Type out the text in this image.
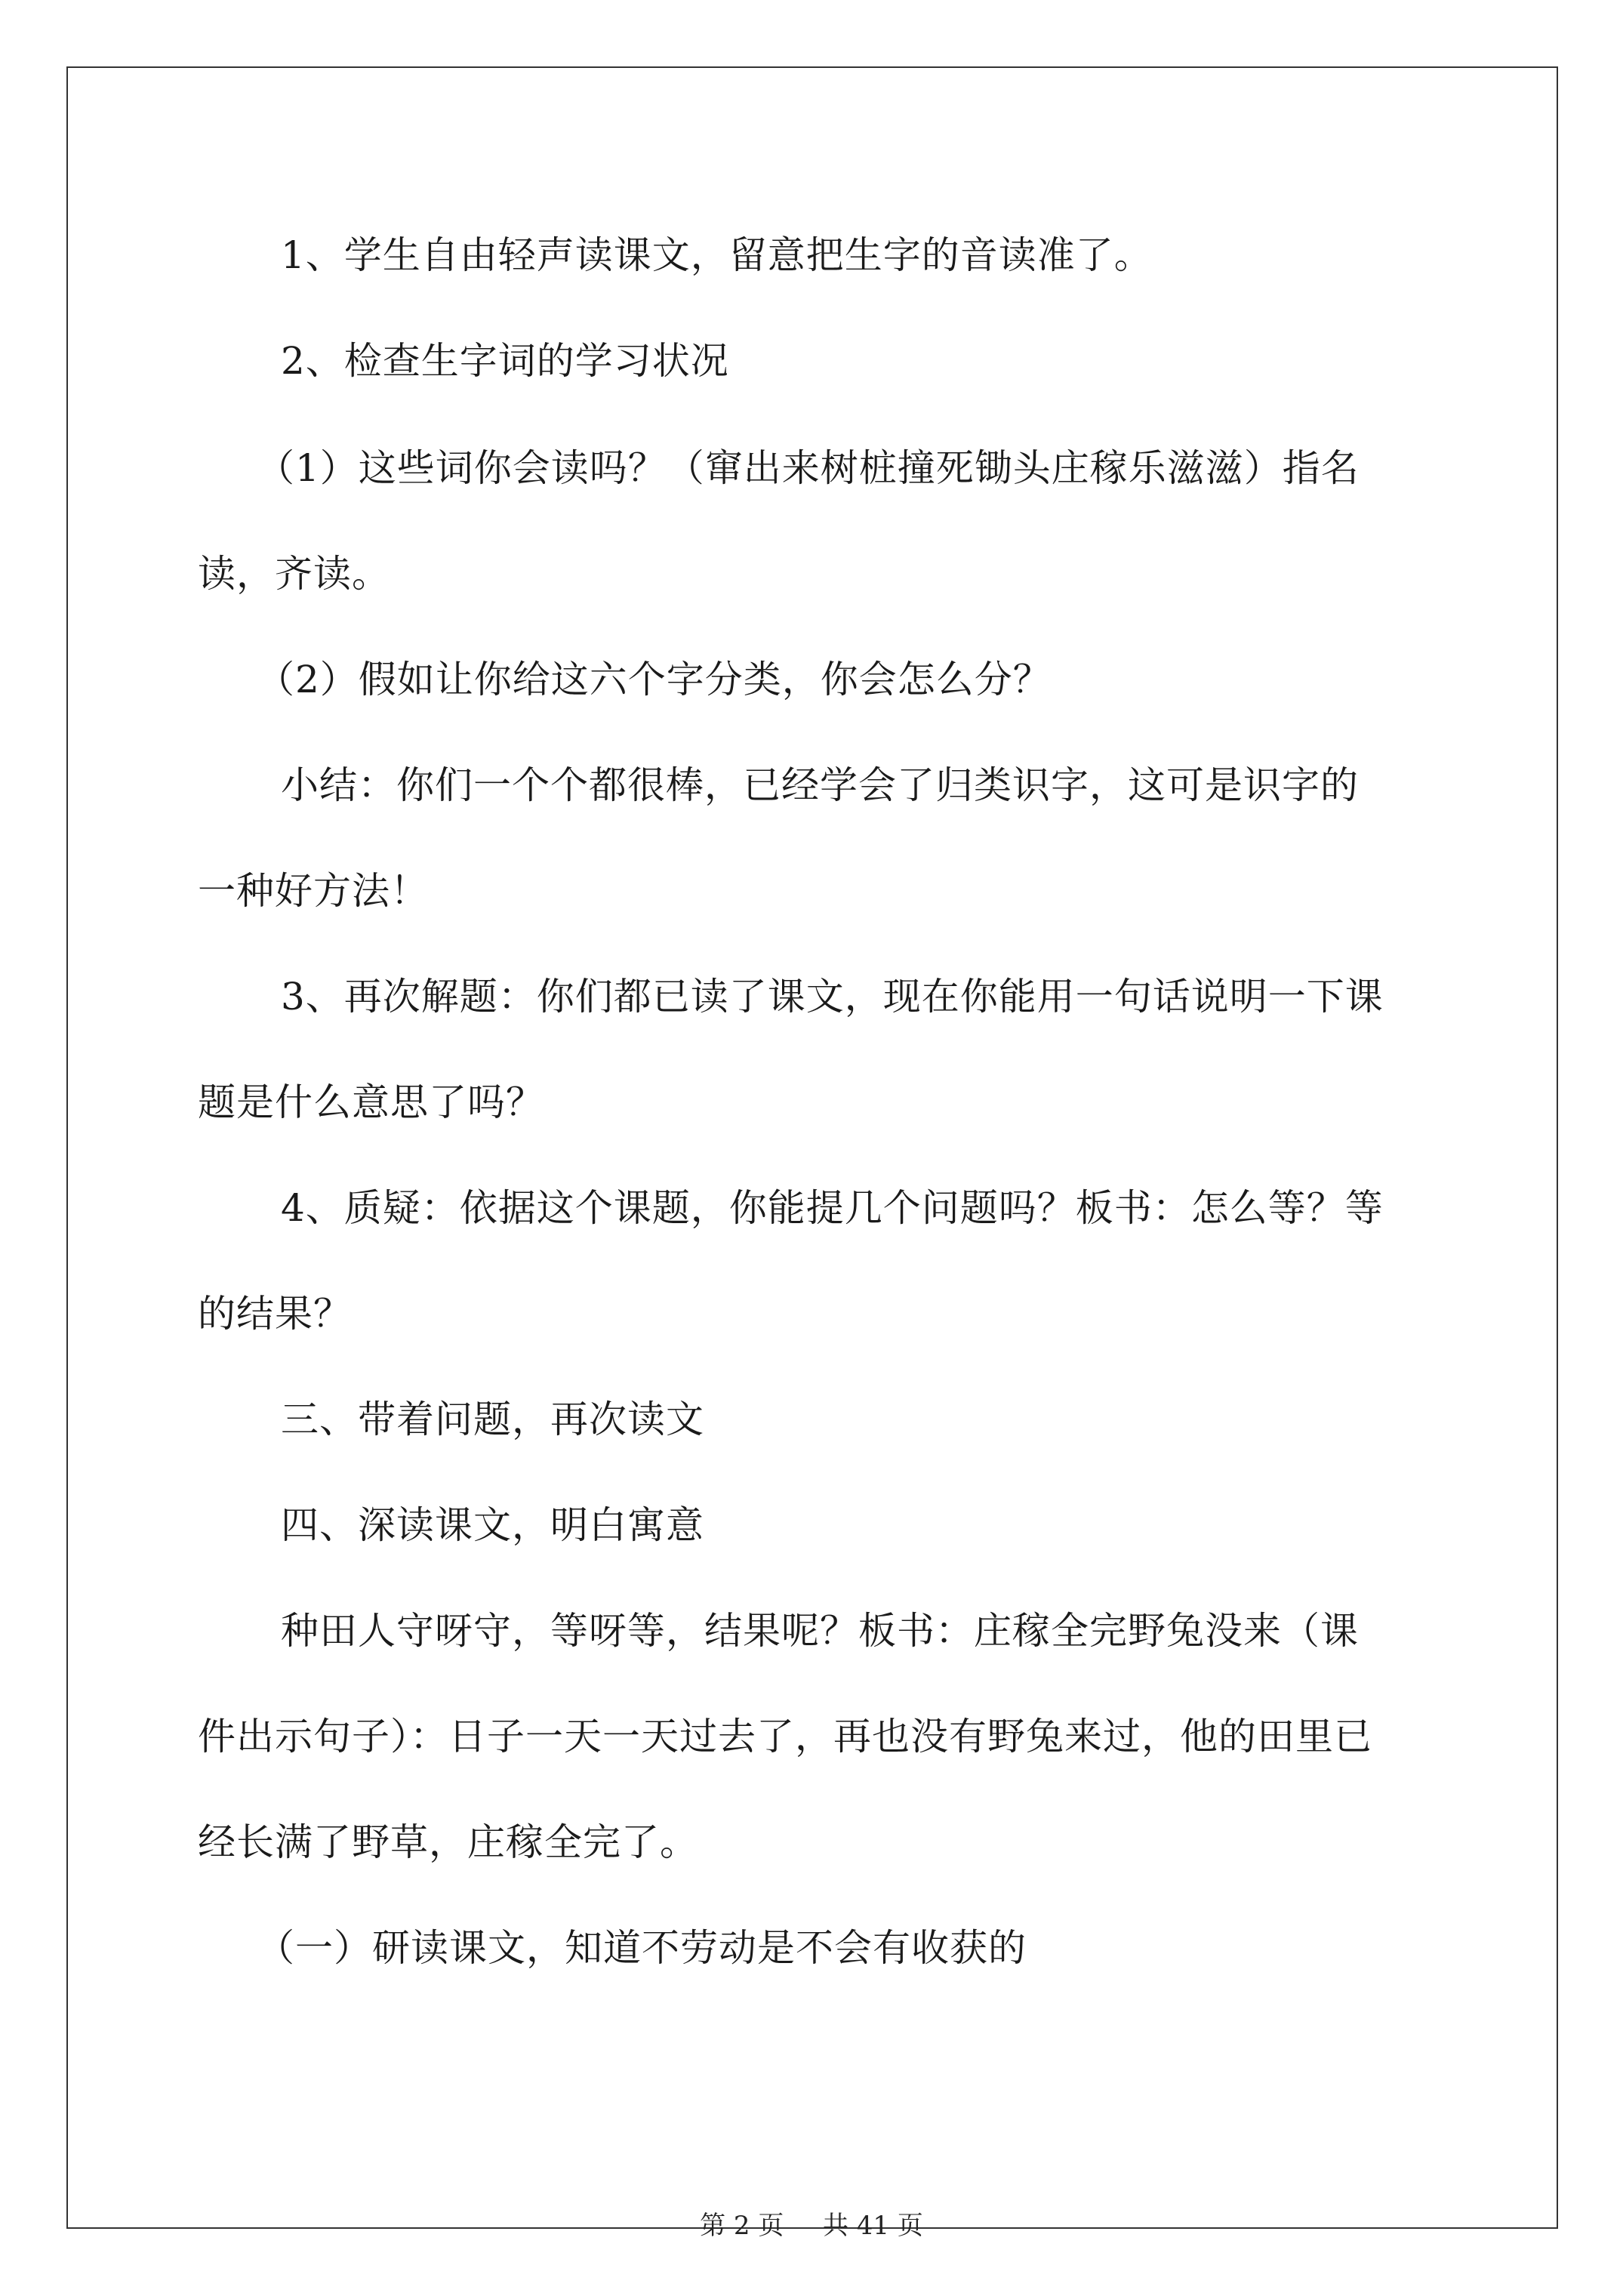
1、学生自由轻声读课文，留意把生字的音读准了。
2、检查生字词的学习状况
（1）这些词你会读吗？（窜出来树桩撞死锄头庄稼乐滋滋）指名
读，齐读。
（2）假如让你给这六个字分类，你会怎么分？
小结：你们一个个都很棒，已经学会了归类识字，这可是识字的
一种好方法！
3、再次解题：你们都已读了课文，现在你能用一句话说明一下课
题是什么意思了吗？
4、质疑：依据这个课题，你能提几个问题吗？板书：怎么等？等
的结果？
三、带着问题，再次读文
四、深读课文，明白寓意
种田人守呀守，等呀等，结果呢？板书：庄稼全完野兔没来（课
件出示句子）：日子一天一天过去了，再也没有野兔来过，他的田里已
经长满了野草，庄稼全完了。
（一）研读课文，知道不劳动是不会有收获的
第 2 页 共 41 页
